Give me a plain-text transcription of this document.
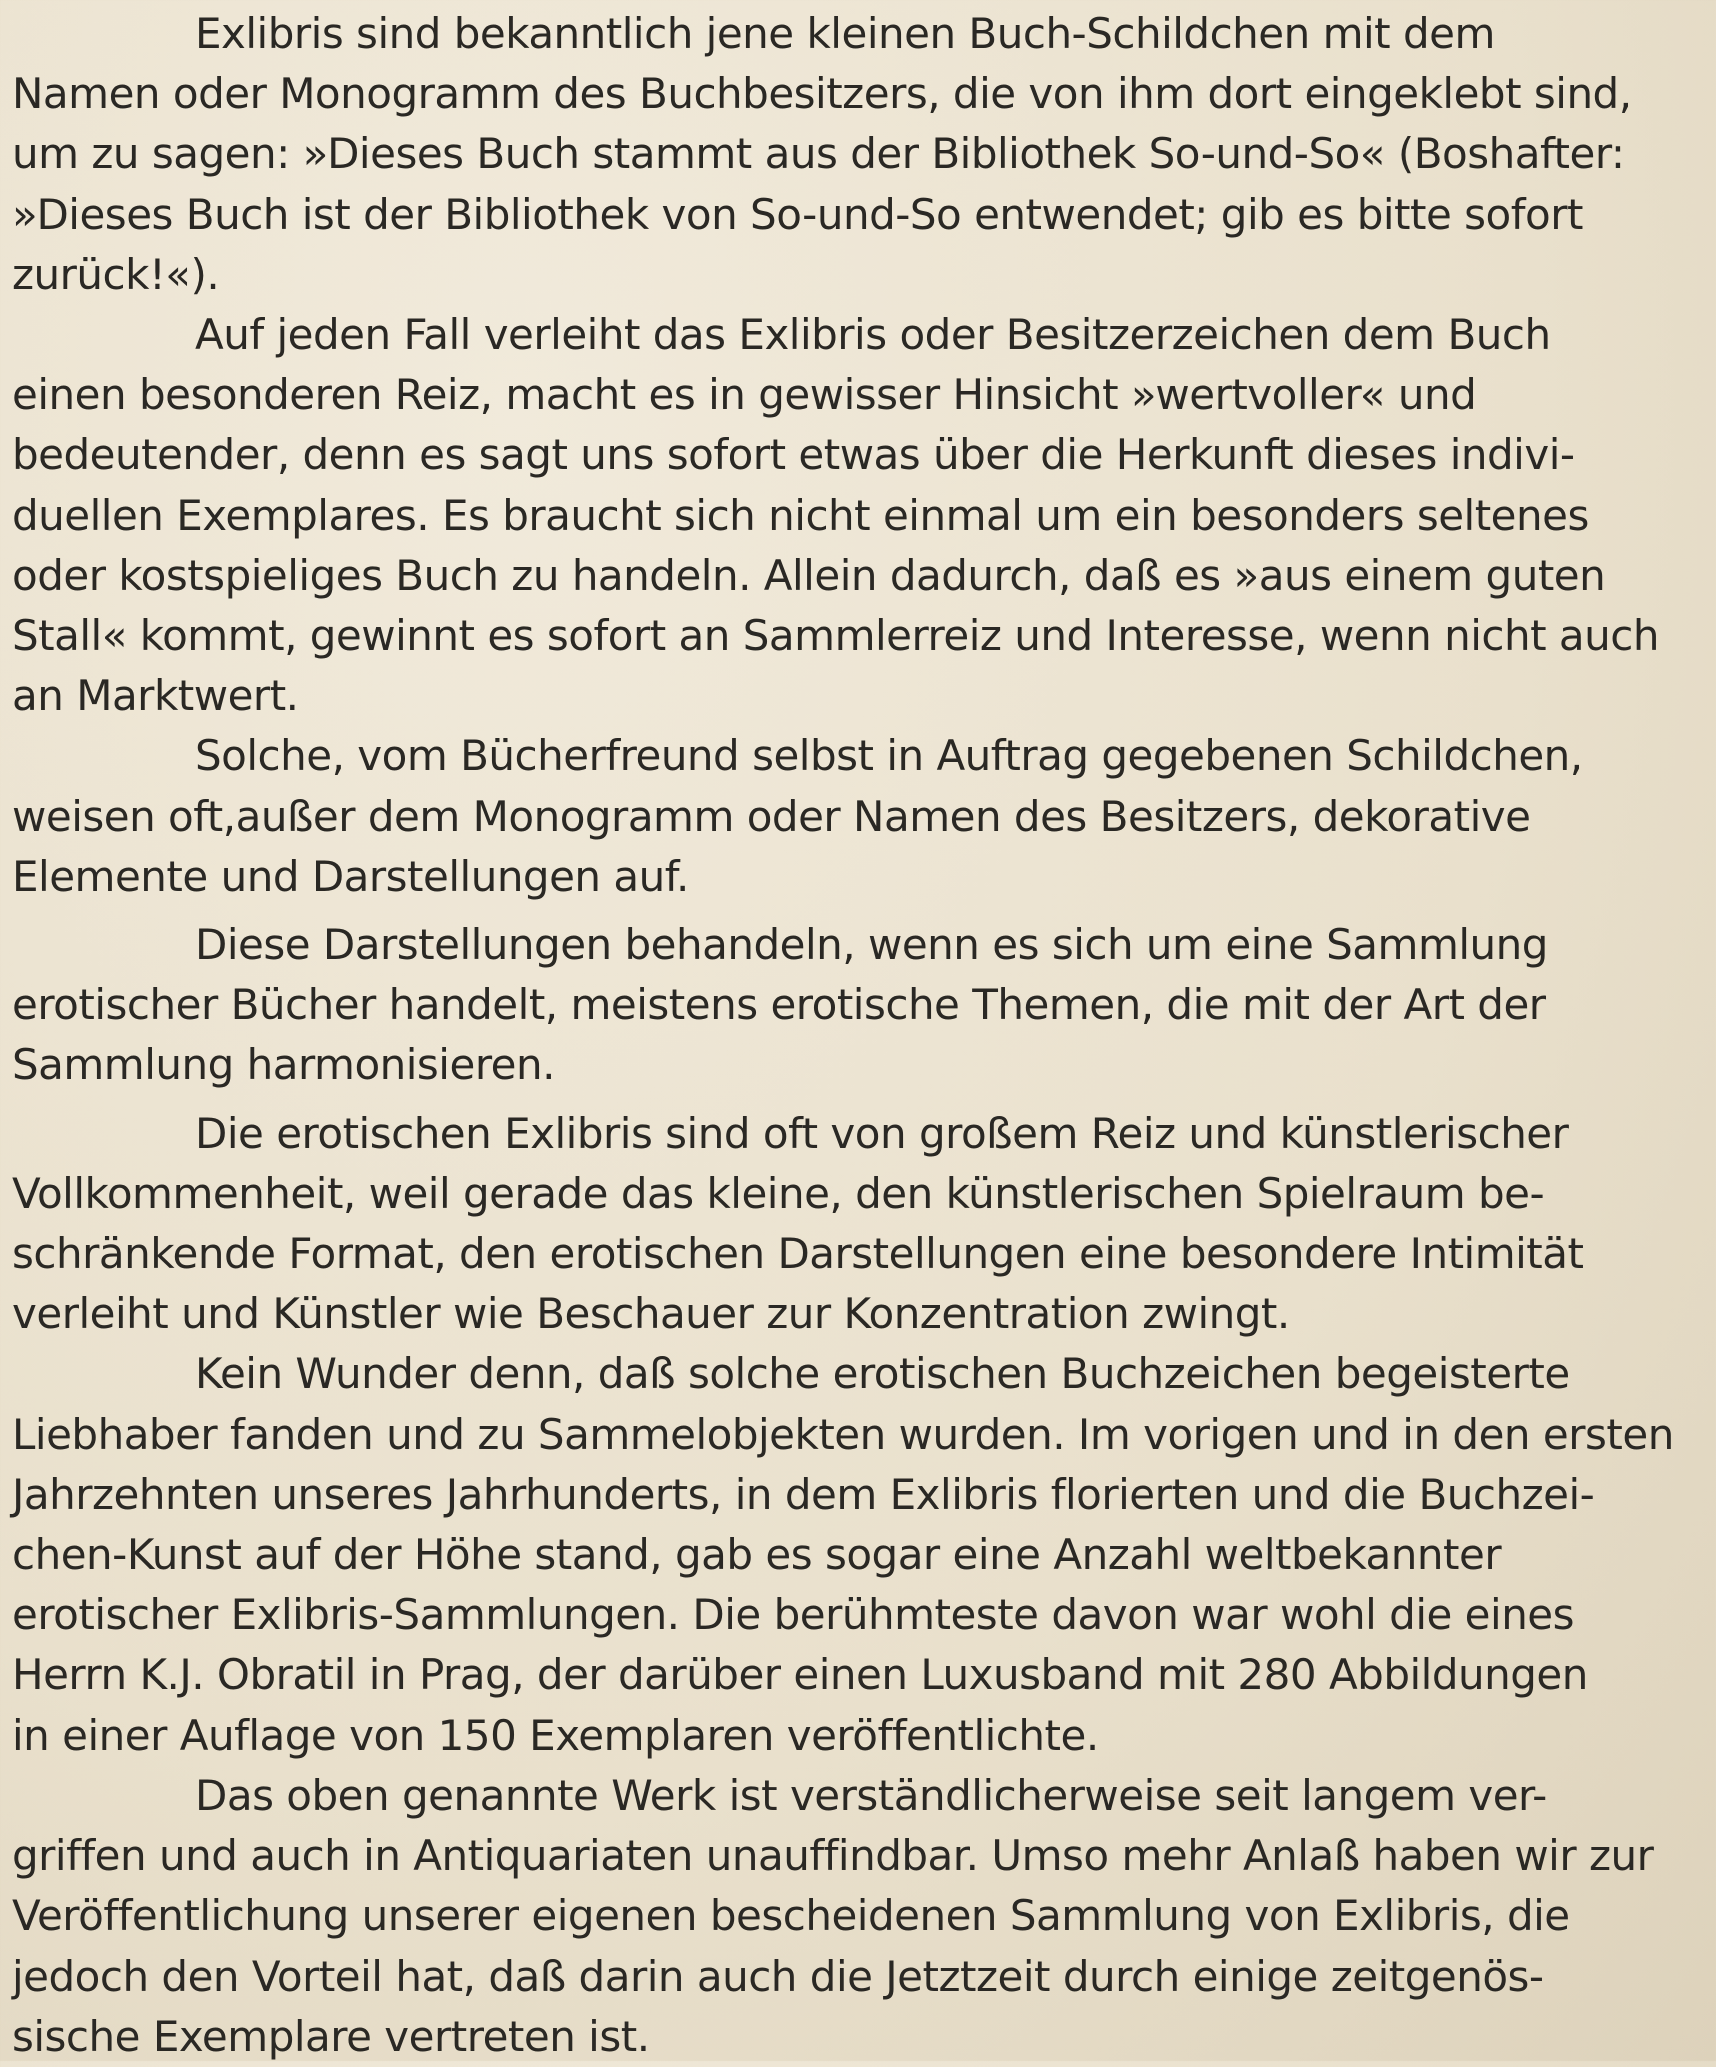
Exlibris sind bekanntlich jene kleinen Buch-Schildchen mit dem
Namen oder Monogramm des Buchbesitzers, die von ihm dort eingeklebt sind,
um zu sagen: »Dieses Buch stammt aus der Bibliothek So-und-So« (Boshafter:
»Dieses Buch ist der Bibliothek von So-und-So entwendet; gib es bitte sofort
zurück!«).

Auf jeden Fall verleiht das Exlibris oder Besitzerzeichen dem Buch
einen besonderen Reiz, macht es in gewisser Hinsicht »wertvoller« und
bedeutender, denn es sagt uns sofort etwas über die Herkunft dieses indivi-
duellen Exemplares. Es braucht sich nicht einmal um ein besonders seltenes
oder kostspieliges Buch zu handeln. Allein dadurch, daß es »aus einem guten
Stall« kommt, gewinnt es sofort an Sammlerreiz und Interesse, wenn nicht auch
an Marktwert.

Solche, vom Bücherfreund selbst in Auftrag gegebenen Schildchen,
weisen oft,außer dem Monogramm oder Namen des Besitzers, dekorative
Elemente und Darstellungen auf.

Diese Darstellungen behandeln, wenn es sich um eine Sammlung
erotischer Bücher handelt, meistens erotische Themen, die mit der Art der
Sammlung harmonisieren.

Die erotischen Exlibris sind oft von großem Reiz und künstlerischer
Vollkommenheit, weil gerade das kleine, den künstlerischen Spielraum be-
schränkende Format, den erotischen Darstellungen eine besondere Intimität
verleiht und Künstler wie Beschauer zur Konzentration zwingt.

Kein Wunder denn, daß solche erotischen Buchzeichen begeisterte
Liebhaber fanden und zu Sammelobjekten wurden. Im vorigen und in den ersten
Jahrzehnten unseres Jahrhunderts, in dem Exlibris florierten und die Buchzei-
chen-Kunst auf der Höhe stand, gab es sogar eine Anzahl weltbekannter
erotischer Exlibris-Sammlungen. Die berühmteste davon war wohl die eines
Herrn K.J. Obratil in Prag, der darüber einen Luxusband mit 280 Abbildungen
in einer Auflage von 150 Exemplaren veröffentlichte.

Das oben genannte Werk ist verständlicherweise seit langem ver-
griffen und auch in Antiquariaten unauffindbar. Umso mehr Anlaß haben wir zur
Veröffentlichung unserer eigenen bescheidenen Sammlung von Exlibris, die
jedoch den Vorteil hat, daß darin auch die Jetztzeit durch einige zeitgenös-
sische Exemplare vertreten ist.
